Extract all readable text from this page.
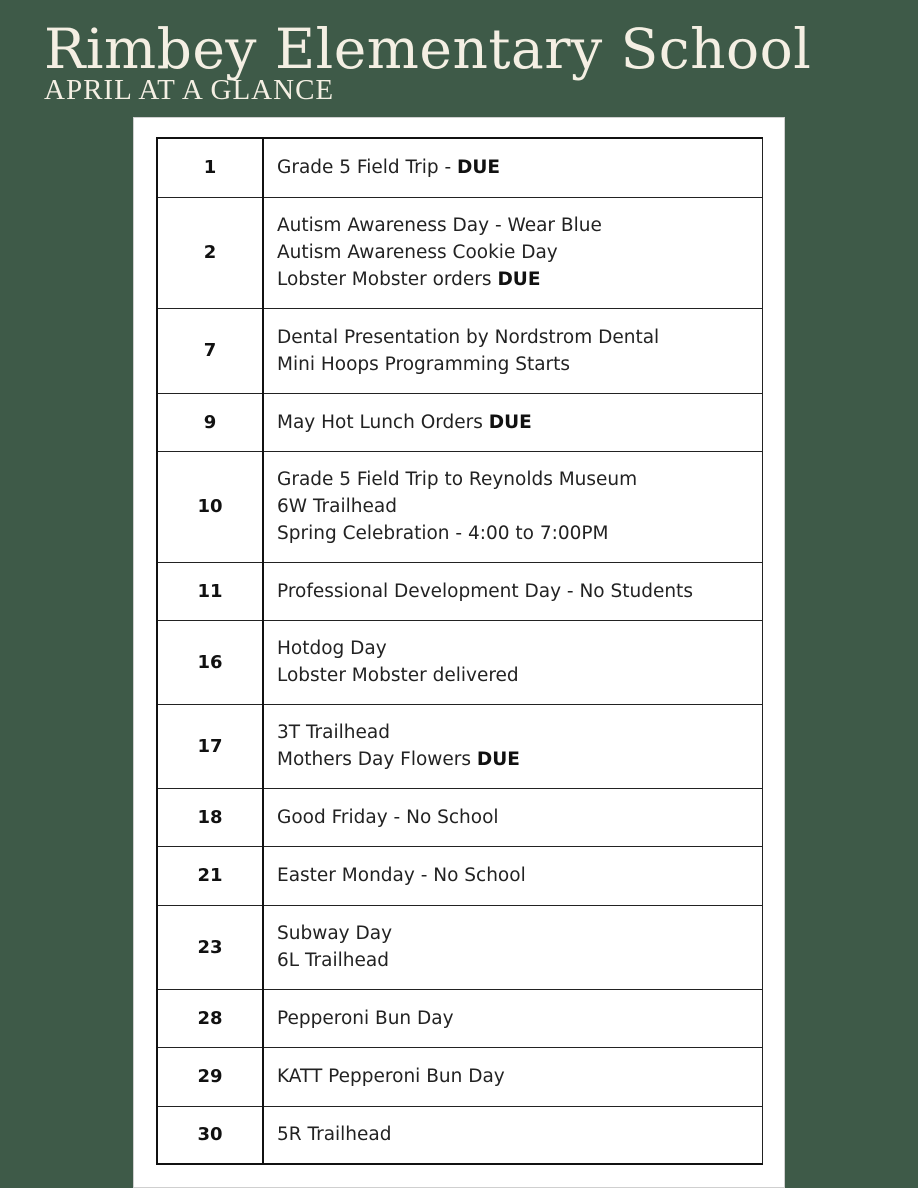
Rimbey Elementary School
APRIL AT A GLANCE
1	Grade 5 Field Trip - DUE

2	Autism Awareness Day - Wear Blue
Autism Awareness Cookie Day
Lobster Mobster orders DUE

7	Dental Presentation by Nordstrom Dental
Mini Hoops Programming Starts

9	May Hot Lunch Orders DUE

10	Grade 5 Field Trip to Reynolds Museum
6W Trailhead
Spring Celebration - 4:00 to 7:00PM

11	Professional Development Day - No Students

16	Hotdog Day
Lobster Mobster delivered

17	3T Trailhead
Mothers Day Flowers DUE

18	Good Friday - No School

21	Easter Monday - No School

23	Subway Day
6L Trailhead

28	Pepperoni Bun Day

29	KATT Pepperoni Bun Day

30	5R Trailhead
